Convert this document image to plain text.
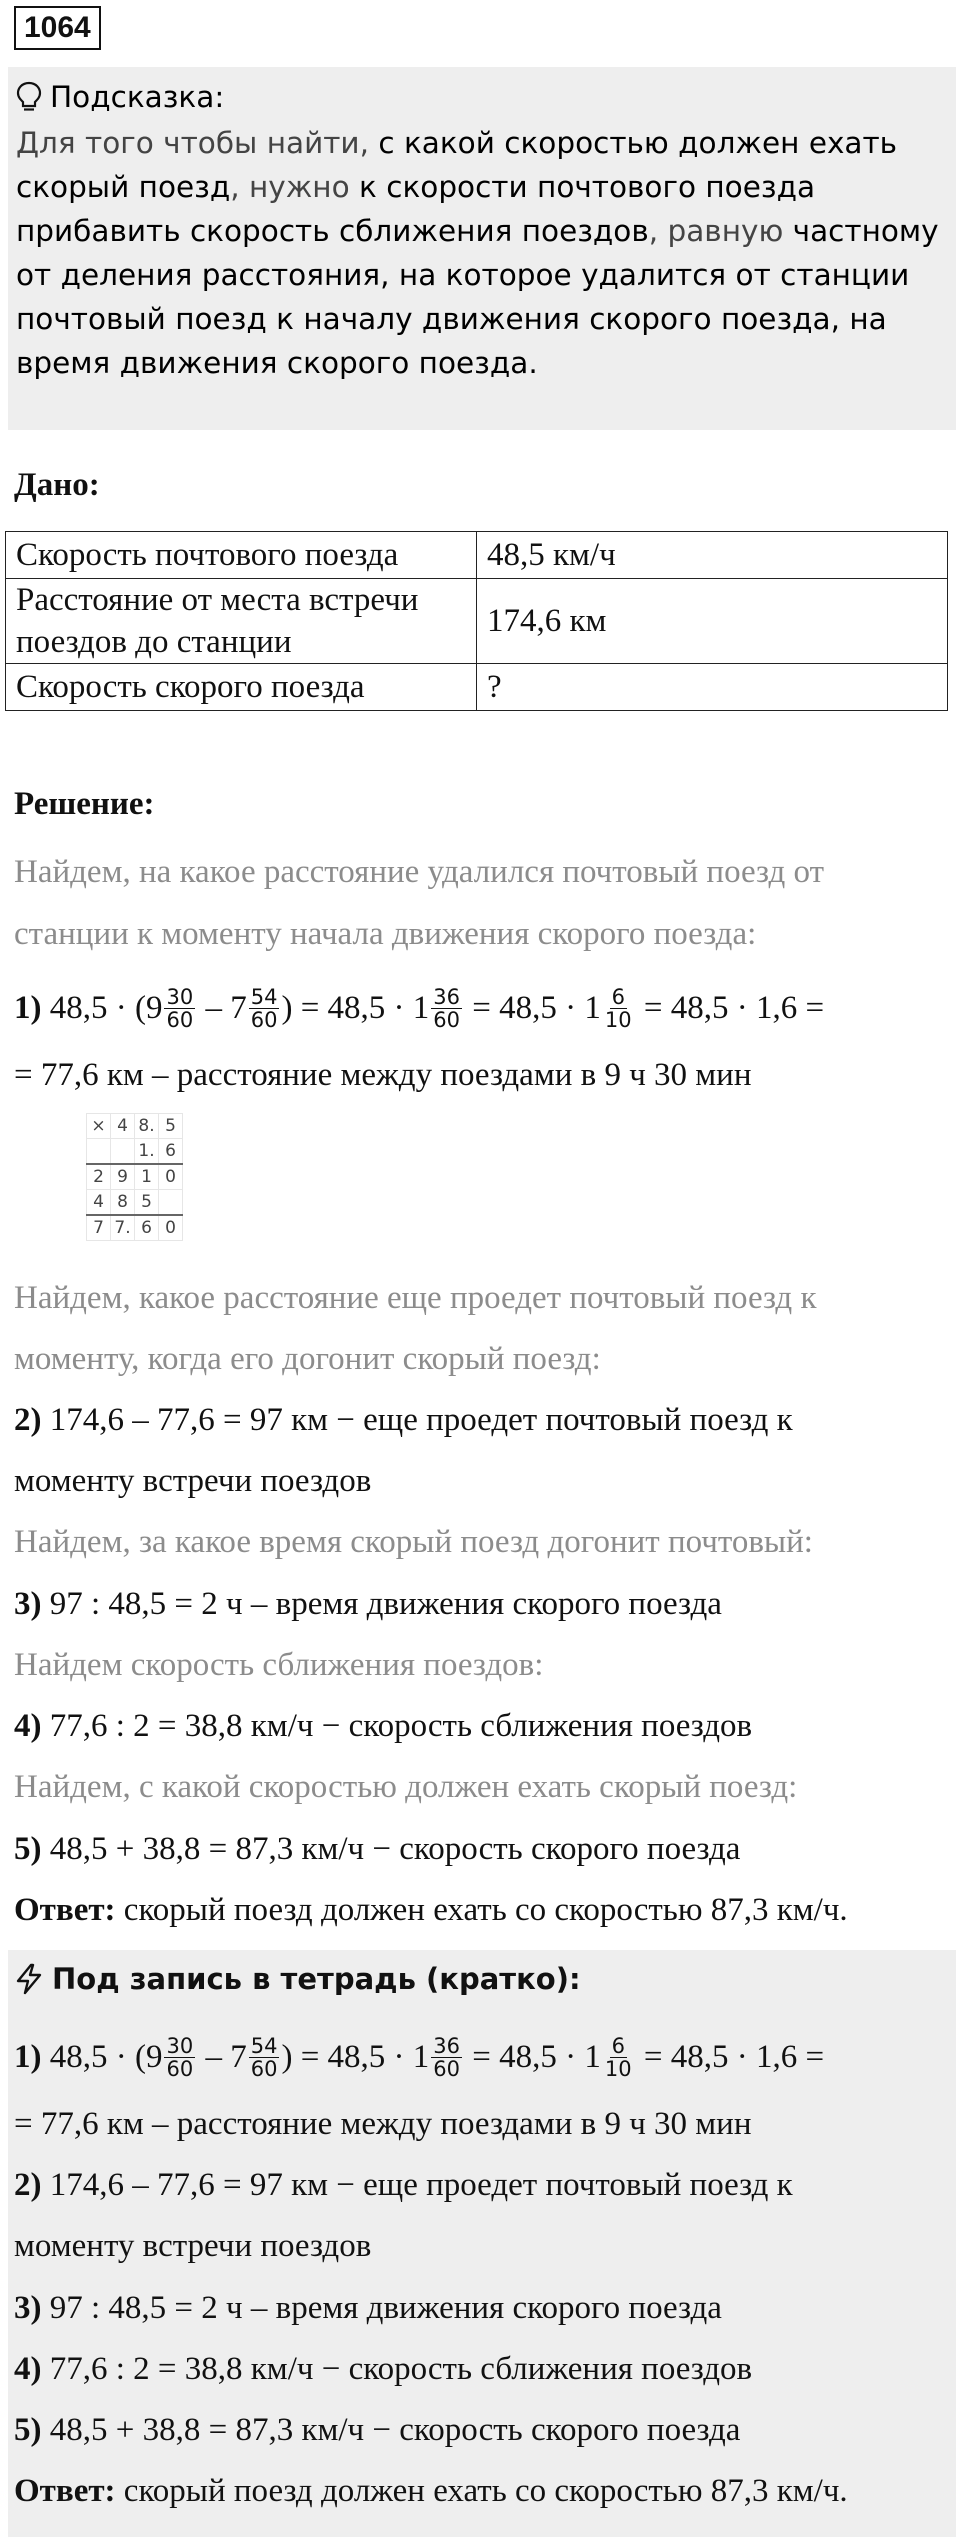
1064
Подсказка:
Для того чтобы найти, с какой скоростью должен ехать скорый поезд, нужно к скорости почтового поезда прибавить скорость сближения поездов, равную частному от деления расстояния, на которое удалится от станции почтовый поезд к началу движения скорого поезда, на время движения скорого поезда.
Дано:
Скорость почтового поезда	48,5 км/ч
Расстояние от места встречи поездов до станции	174,6 км
Скорость скорого поезда	?
Решение:
Найдем, на какое расстояние удалился почтовый поезд от
станции к моменту начала движения скорого поезда:
1) $48,5 \cdot (9 \frac{30}{60} - 7 \frac{54}{60}$ ) = $48,5 \cdot 1 \frac{36}{60} = 48,5 \cdot 1 \frac{6}{10} = 48,5 \cdot 1,6$ =
= 77,6 км – расстояние между поездами в 9 ч 30 мин
×	4	8.	5
		1.	6
2	9	1	0
4	8	5	
7	7.	6	0
Найдем, какое расстояние еще проедет почтовый поезд к
моменту, когда его догонит скорый поезд:
2) 174,6 – 77,6 = 97 км − еще проедет почтовый поезд к
моменту встречи поездов
Найдем, за какое время скорый поезд догонит почтовый:
3) 97 : 48,5 = 2 ч – время движения скорого поезда
Найдем скорость сближения поездов:
4) 77,6 : 2 = 38,8 км/ч − скорость сближения поездов
Найдем, с какой скоростью должен ехать скорый поезд:
5) 48,5 + 38,8 = 87,3 км/ч − скорость скорого поезда
Ответ: скорый поезд должен ехать со скоростью 87,3 км/ч.
Под запись в тетрадь (кратко):
1) $48,5 \cdot (9 \frac{30}{60} - 7 \frac{54}{60}$ ) = $48,5 \cdot 1 \frac{36}{60} = 48,5 \cdot 1 \frac{6}{10} = 48,5 \cdot 1,6$ =
= 77,6 км – расстояние между поездами в 9 ч 30 мин
2) 174,6 – 77,6 = 97 км − еще проедет почтовый поезд к
моменту встречи поездов
3) 97 : 48,5 = 2 ч – время движения скорого поезда
4) 77,6 : 2 = 38,8 км/ч − скорость сближения поездов
5) 48,5 + 38,8 = 87,3 км/ч − скорость скорого поезда
Ответ: скорый поезд должен ехать со скоростью 87,3 км/ч.
